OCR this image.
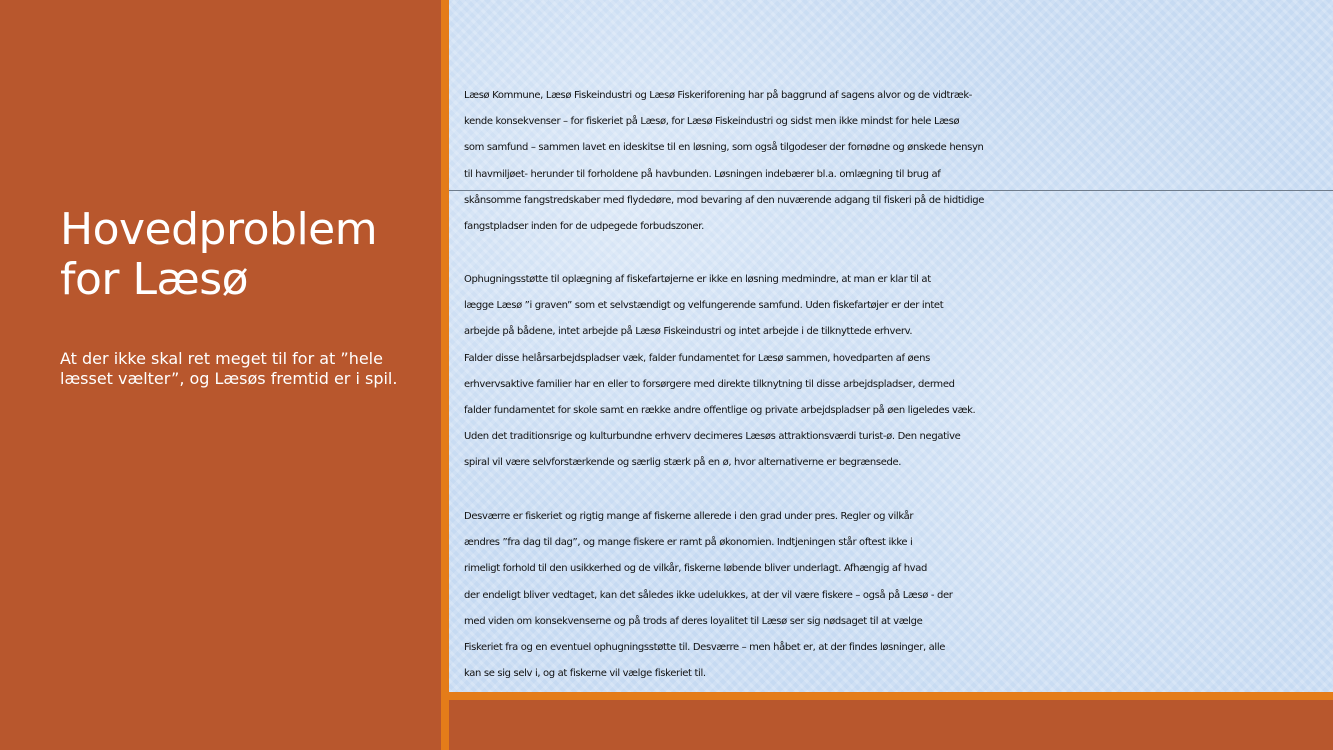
Hovedproblem
for Læsø
At der ikke skal ret meget til for at ”hele læsset vælter”, og Læsøs fremtid er i spil.
Læsø Kommune, Læsø Fiskeindustri og Læsø Fiskeriforening har på baggrund af sagens alvor og de vidtræk-
kende konsekvenser – for fiskeriet på Læsø, for Læsø Fiskeindustri og sidst men ikke mindst for hele Læsø
som samfund – sammen lavet en ideskitse til en løsning, som også tilgodeser der fornødne og ønskede hensyn
til havmiljøet- herunder til forholdene på havbunden. Løsningen indebærer bl.a. omlægning til brug af
skånsomme fangstredskaber med flydedøre, mod bevaring af den nuværende adgang til fiskeri på de hidtidige
fangstpladser inden for de udpegede forbudszoner.
Ophugningsstøtte til oplægning af fiskefartøjerne er ikke en løsning medmindre, at man er klar til at
lægge Læsø ”i graven” som et selvstændigt og velfungerende samfund. Uden fiskefartøjer er der intet
arbejde på bådene, intet arbejde på Læsø Fiskeindustri og intet arbejde i de tilknyttede erhverv.
Falder disse helårsarbejdspladser væk, falder fundamentet for Læsø sammen, hovedparten af øens
erhvervsaktive familier har en eller to forsørgere med direkte tilknytning til disse arbejdspladser, dermed
falder fundamentet for skole samt en række andre offentlige og private arbejdspladser på øen ligeledes væk.
Uden det traditionsrige og kulturbundne erhverv decimeres Læsøs attraktionsværdi turist-ø. Den negative
spiral vil være selvforstærkende og særlig stærk på en ø, hvor alternativerne er begrænsede.
Desværre er fiskeriet og rigtig mange af fiskerne allerede i den grad under pres. Regler og vilkår
ændres ”fra dag til dag”, og mange fiskere er ramt på økonomien. Indtjeningen står oftest ikke i
rimeligt forhold til den usikkerhed og de vilkår, fiskerne løbende bliver underlagt. Afhængig af hvad
der endeligt bliver vedtaget, kan det således ikke udelukkes, at der vil være fiskere – også på Læsø - der
med viden om konsekvenserne og på trods af deres loyalitet til Læsø ser sig nødsaget til at vælge
Fiskeriet fra og en eventuel ophugningsstøtte til. Desværre – men håbet er, at der findes løsninger, alle
kan se sig selv i, og at fiskerne vil vælge fiskeriet til.
